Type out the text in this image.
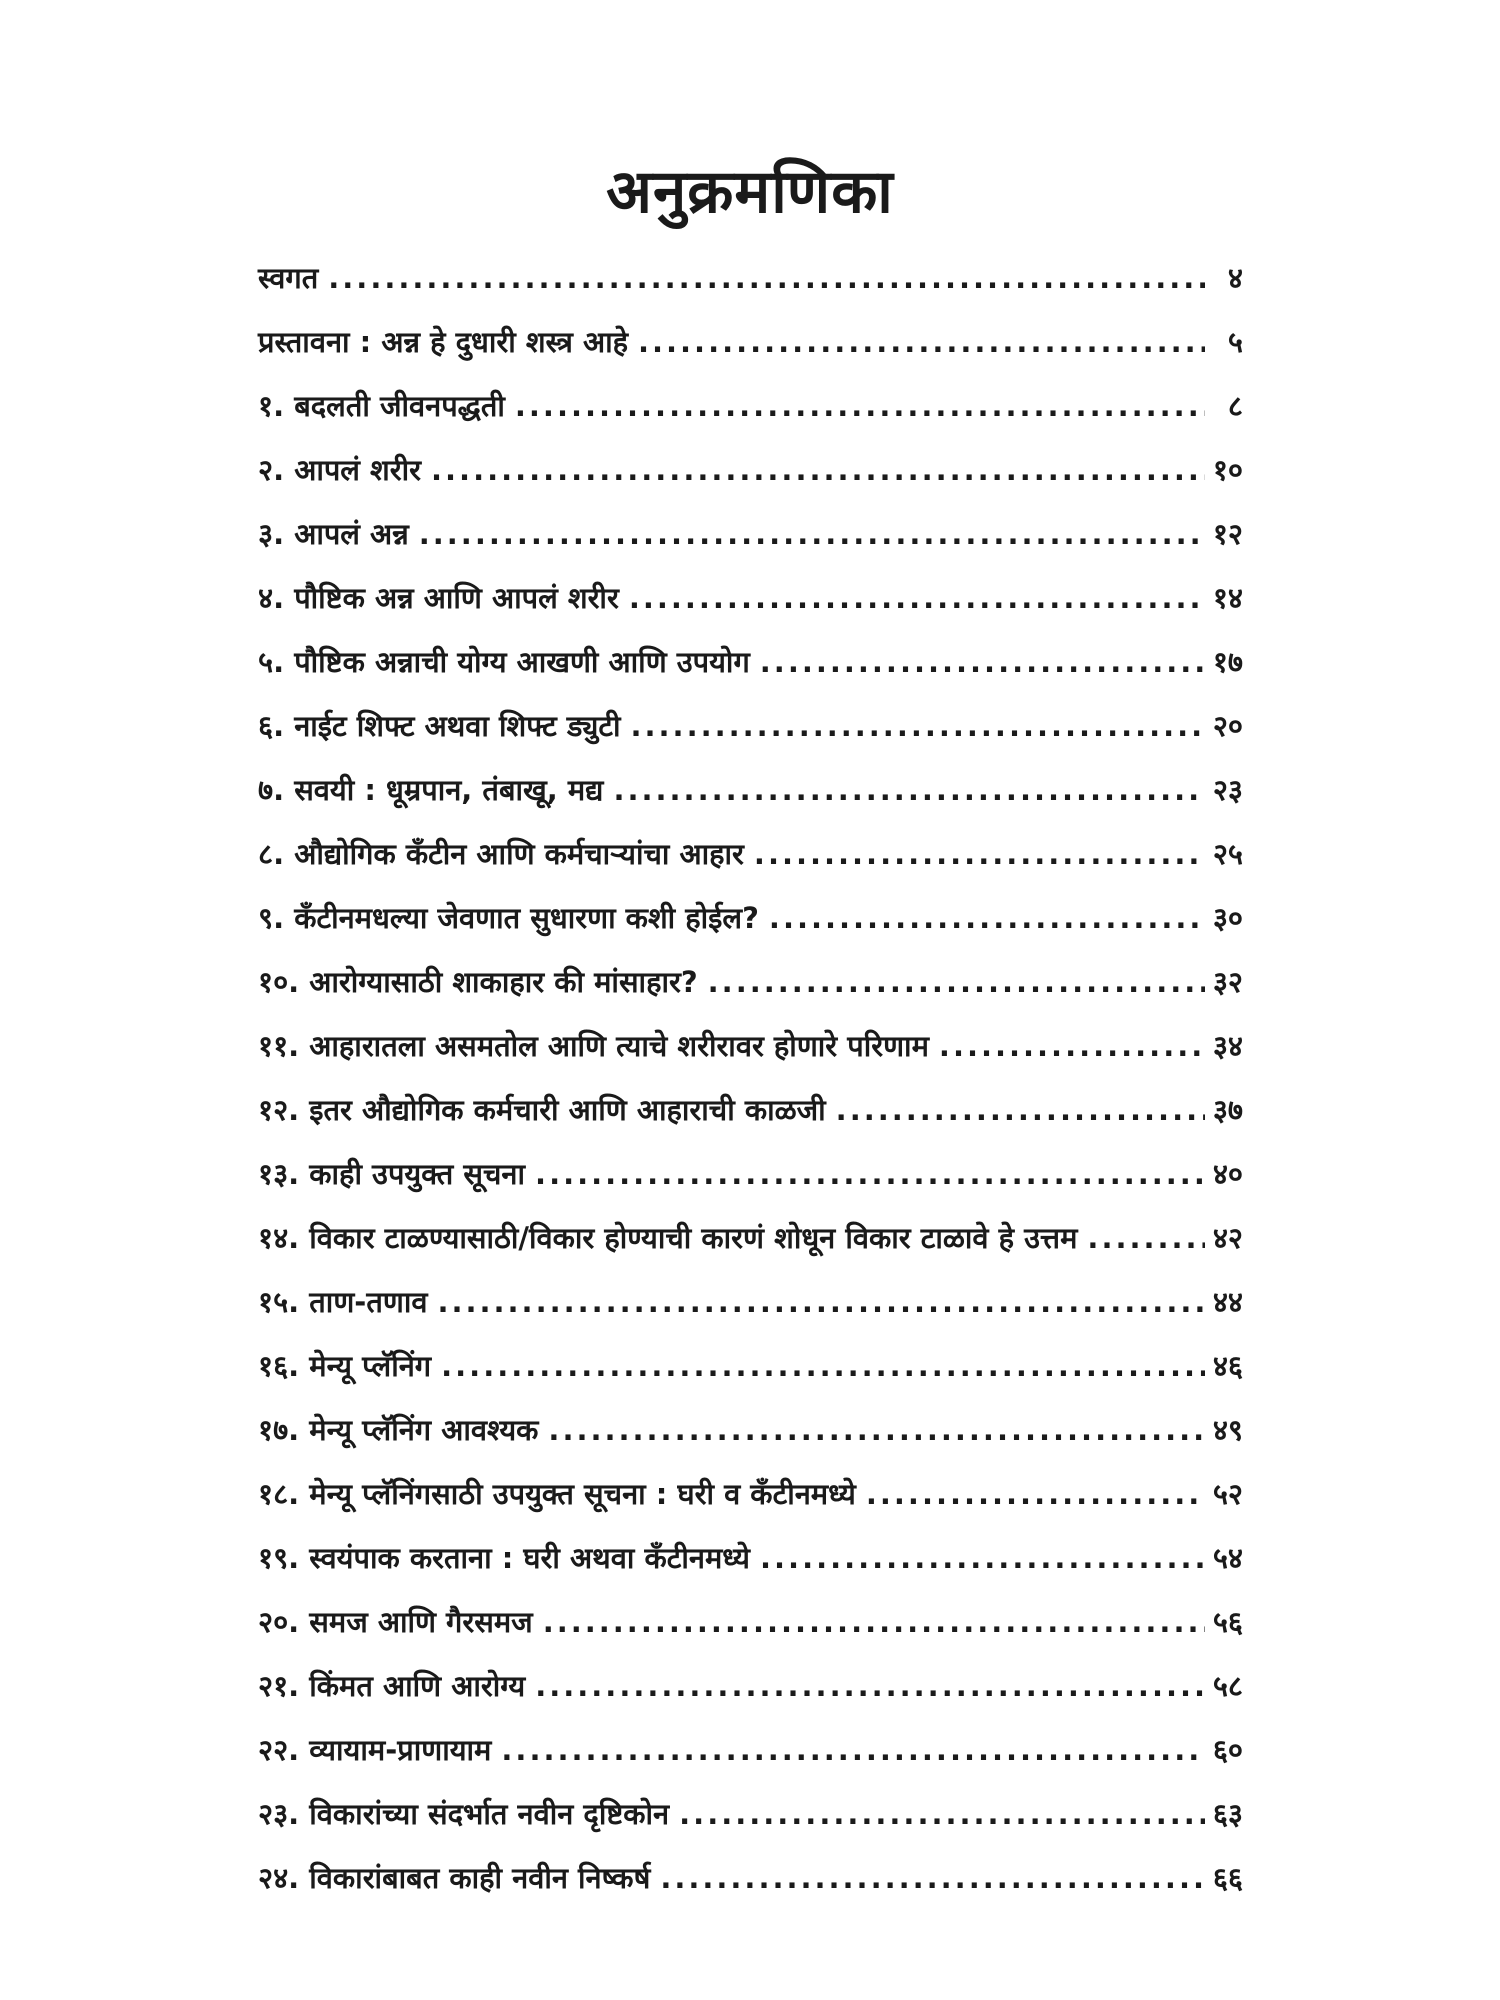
अनुक्रमणिका
स्वगत .....	४
प्रस्तावना : अन्न हे दुधारी शस्त्र आहे .....	५
१. बदलती जीवनपद्धती .....	८
२. आपलं शरीर .....	१०
३. आपलं अन्न .....	१२
४. पौष्टिक अन्न आणि आपलं शरीर .....	१४
५. पौष्टिक अन्नाची योग्य आखणी आणि उपयोग .....	१७
६. नाईट शिफ्ट अथवा शिफ्ट ड्युटी .....	२०
७. सवयी : धूम्रपान, तंबाखू, मद्य .....	२३
८. औद्योगिक कँटीन आणि कर्मचाऱ्यांचा आहार .....	२५
९. कँटीनमधल्या जेवणात सुधारणा कशी होईल? .....	३०
१०. आरोग्यासाठी शाकाहार की मांसाहार? .....	३२
११. आहारातला असमतोल आणि त्याचे शरीरावर होणारे परिणाम .....	३४
१२. इतर औद्योगिक कर्मचारी आणि आहाराची काळजी .....	३७
१३. काही उपयुक्त सूचना .....	४०
१४. विकार टाळण्यासाठी/विकार होण्याची कारणं शोधून विकार टाळावे हे उत्तम .....	४२
१५. ताण-तणाव .....	४४
१६. मेन्यू प्लॅनिंग .....	४६
१७. मेन्यू प्लॅनिंग आवश्यक .....	४९
१८. मेन्यू प्लॅनिंगसाठी उपयुक्त सूचना : घरी व कँटीनमध्ये .....	५२
१९. स्वयंपाक करताना : घरी अथवा कँटीनमध्ये .....	५४
२०. समज आणि गैरसमज .....	५६
२१. किंमत आणि आरोग्य .....	५८
२२. व्यायाम-प्राणायाम .....	६०
२३. विकारांच्या संदर्भात नवीन दृष्टिकोन .....	६३
२४. विकारांबाबत काही नवीन निष्कर्ष .....	६६
